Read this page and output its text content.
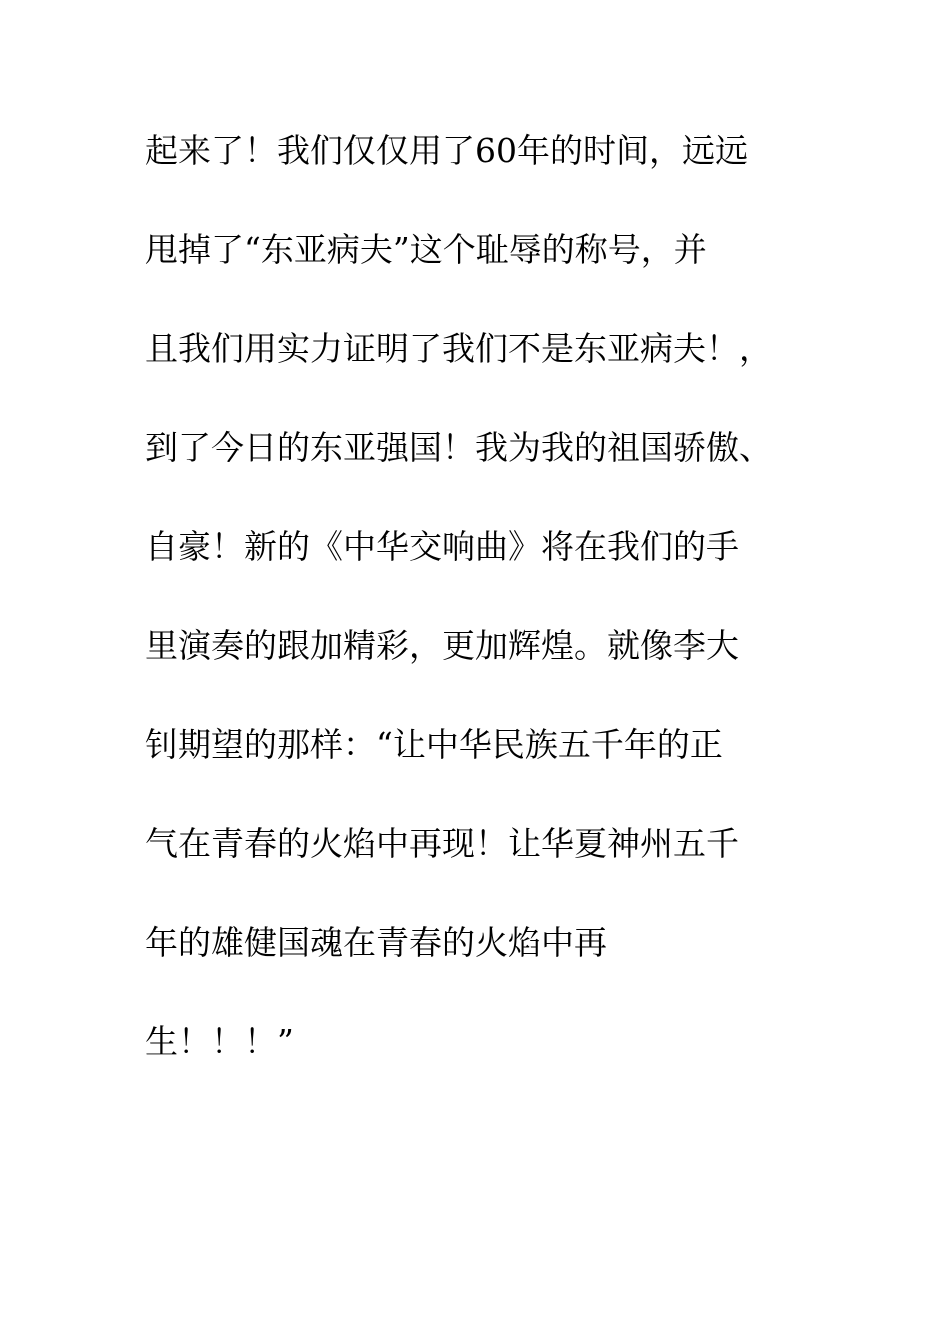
起来了！我们仅仅用了60年的时间，远远
甩掉了“东亚病夫”这个耻辱的称号，并
且我们用实力证明了我们不是东亚病夫！，
到了今日的东亚强国！我为我的祖国骄傲、
自豪！新的《中华交响曲》将在我们的手
里演奏的跟加精彩，更加辉煌。就像李大
钊期望的那样：“让中华民族五千年的正
气在青春的火焰中再现！让华夏神州五千
年的雄健国魂在青春的火焰中再
生！！！”
